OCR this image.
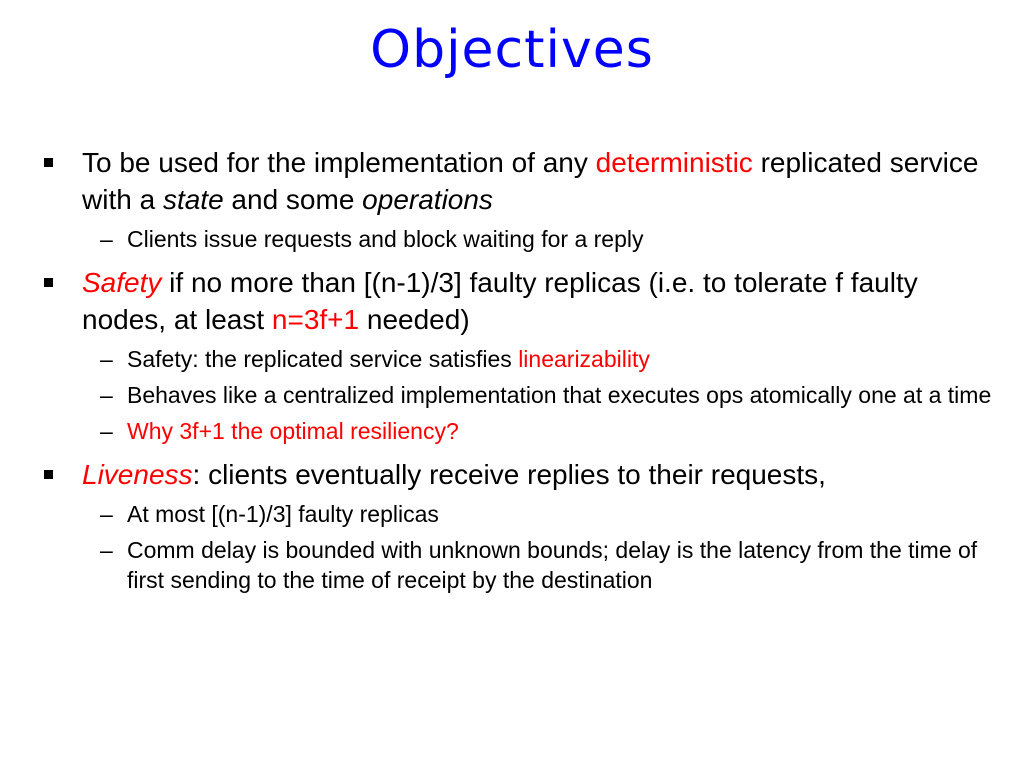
Objectives
To be used for the implementation of any deterministic replicated service with a state and some operations
– Clients issue requests and block waiting for a reply
Safety if no more than [(n-1)/3] faulty replicas (i.e. to tolerate f faulty nodes, at least n=3f+1 needed)
– Safety: the replicated service satisfies linearizability
– Behaves like a centralized implementation that executes ops atomically one at a time
– Why 3f+1 the optimal resiliency?
Liveness: clients eventually receive replies to their requests,
– At most [(n-1)/3] faulty replicas
– Comm delay is bounded with unknown bounds; delay is the latency from the time of first sending to the time of receipt by the destination
